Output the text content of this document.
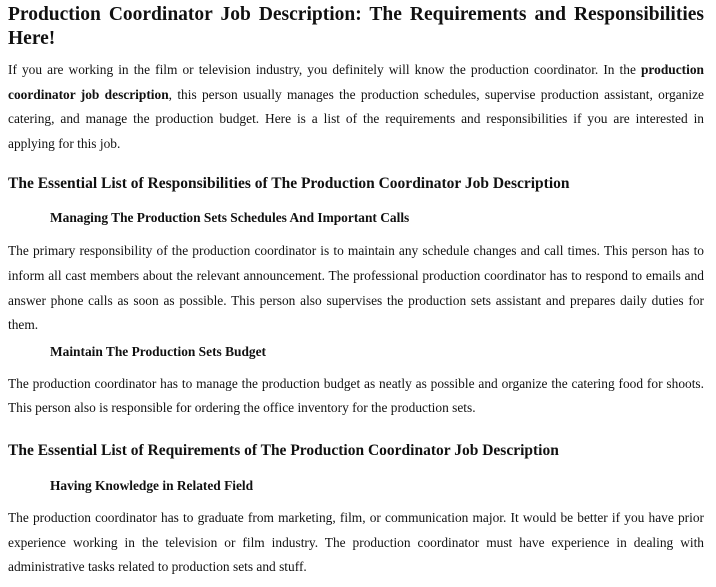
Production Coordinator Job Description: The Requirements and Responsibilities Here!

If you are working in the film or television industry, you definitely will know the production coordinator. In the production coordinator job description, this person usually manages the production schedules, supervise production assistant, organize catering, and manage the production budget. Here is a list of the requirements and responsibilities if you are interested in applying for this job.

The Essential List of Responsibilities of The Production Coordinator Job Description
Managing The Production Sets Schedules And Important Calls

The primary responsibility of the production coordinator is to maintain any schedule changes and call times. This person has to inform all cast members about the relevant announcement. The professional production coordinator has to respond to emails and answer phone calls as soon as possible. This person also supervises the production sets assistant and prepares daily duties for them.

Maintain The Production Sets Budget

The production coordinator has to manage the production budget as neatly as possible and organize the catering food for shoots. This person also is responsible for ordering the office inventory for the production sets.

The Essential List of Requirements of The Production Coordinator Job Description
Having Knowledge in Related Field

The production coordinator has to graduate from marketing, film, or communication major. It would be better if you have prior experience working in the television or film industry. The production coordinator must have experience in dealing with administrative tasks related to production sets and stuff.
